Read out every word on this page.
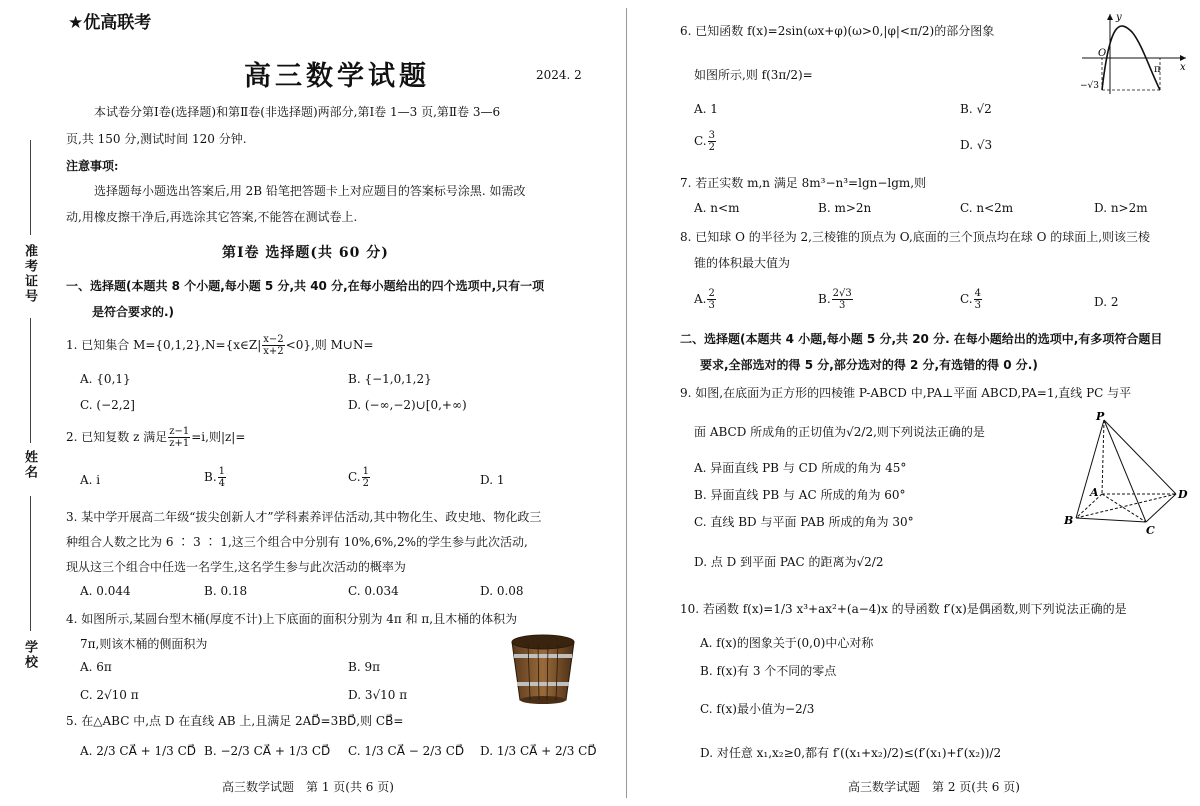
★优高联考
高三数学试题	2024. 2
准考证号
姓名
学校
本试卷分第Ⅰ卷(选择题)和第Ⅱ卷(非选择题)两部分,第Ⅰ卷 1—3 页,第Ⅱ卷 3—6
页,共 150 分,测试时间 120 分钟.
注意事项:
选择题每小题选出答案后,用 2B 铅笔把答题卡上对应题目的答案标号涂黑. 如需改
动,用橡皮擦干净后,再选涂其它答案,不能答在测试卷上.
第Ⅰ卷 选择题(共 60 分)
一、选择题(本题共 8 个小题,每小题 5 分,共 40 分,在每小题给出的四个选项中,只有一项
是符合要求的.)
1. 已知集合 M={0,1,2},N={x∈Z| $\frac{x-2}{x+2} <0$},则 M∪N=
A. {0,1}	B. {−1,0,1,2}
C. (−2,2]	D. (−∞,−2)∪[0,+∞)
2. 已知复数 z 满足 $\frac{z-1}{z+1} =i$,则|z|=
A. i	B. $\frac{1}{4}$	C. $\frac{1}{2}$	D. 1
3. 某中学开展高二年级“拔尖创新人才”学科素养评估活动,其中物化生、政史地、物化政三
种组合人数之比为 6 ∶ 3 ∶ 1,这三个组合中分别有 10%,6%,2%的学生参与此次活动,
现从这三个组合中任选一名学生,这名学生参与此次活动的概率为
A. 0.044	B. 0.18	C. 0.034	D. 0.08
4. 如图所示,某圆台型木桶(厚度不计)上下底面的面积分别为 4π 和 π,且木桶的体积为
7π,则该木桶的侧面积为
A. 6π	B. 9π
C. 2√10 π	D. 3√10 π
5. 在△ABC 中,点 D 在直线 AB 上,且满足 2AD⃗=3BD⃗,则 CB⃗=
A. 2/3 CA⃗ + 1/3 CD⃗ B. −2/3 CA⃗ + 1/3 CD⃗ C. 1/3 CA⃗ − 2/3 CD⃗ D. 1/3 CA⃗ + 2/3 CD⃗
高三数学试题　第 1 页(共 6 页)
6. 已知函数 f(x)=2sin(ωx+φ)(ω>0,|φ|<π/2)的部分图象
如图所示,则 f(3π/2)=
A. 1	B. √2
C. $\frac{3}{2}$	D. √3
y
x
O
π
−√3
7. 若正实数 m,n 满足 8m³−n³=lgn−lgm,则
A. n<m	B. m>2n	C. n<2m	D. n>2m
8. 已知球 O 的半径为 2,三棱锥的顶点为 O,底面的三个顶点均在球 O 的球面上,则该三棱
锥的体积最大值为
A. $\frac{2}{3}$	B. $\frac{2√3}{3}$	C. $\frac{4}{3}$	D. 2
二、选择题(本题共 4 小题,每小题 5 分,共 20 分. 在每小题给出的选项中,有多项符合题目
要求,全部选对的得 5 分,部分选对的得 2 分,有选错的得 0 分.)
9. 如图,在底面为正方形的四棱锥 P-ABCD 中,PA⊥平面 ABCD,PA=1,直线 PC 与平
面 ABCD 所成角的正切值为√2/2,则下列说法正确的是
A. 异面直线 PB 与 CD 所成的角为 45°
B. 异面直线 PB 与 AC 所成的角为 60°
C. 直线 BD 与平面 PAB 所成的角为 30°
D. 点 D 到平面 PAC 的距离为√2/2
P
A
B
C
D
10. 若函数 f(x)=1/3 x³+ax²+(a−4)x 的导函数 f′(x)是偶函数,则下列说法正确的是
A. f(x)的图象关于(0,0)中心对称
B. f(x)有 3 个不同的零点
C. f(x)最小值为−2/3
D. 对任意 x₁,x₂≥0,都有 f′((x₁+x₂)/2)≤(f′(x₁)+f′(x₂))/2
高三数学试题　第 2 页(共 6 页)
